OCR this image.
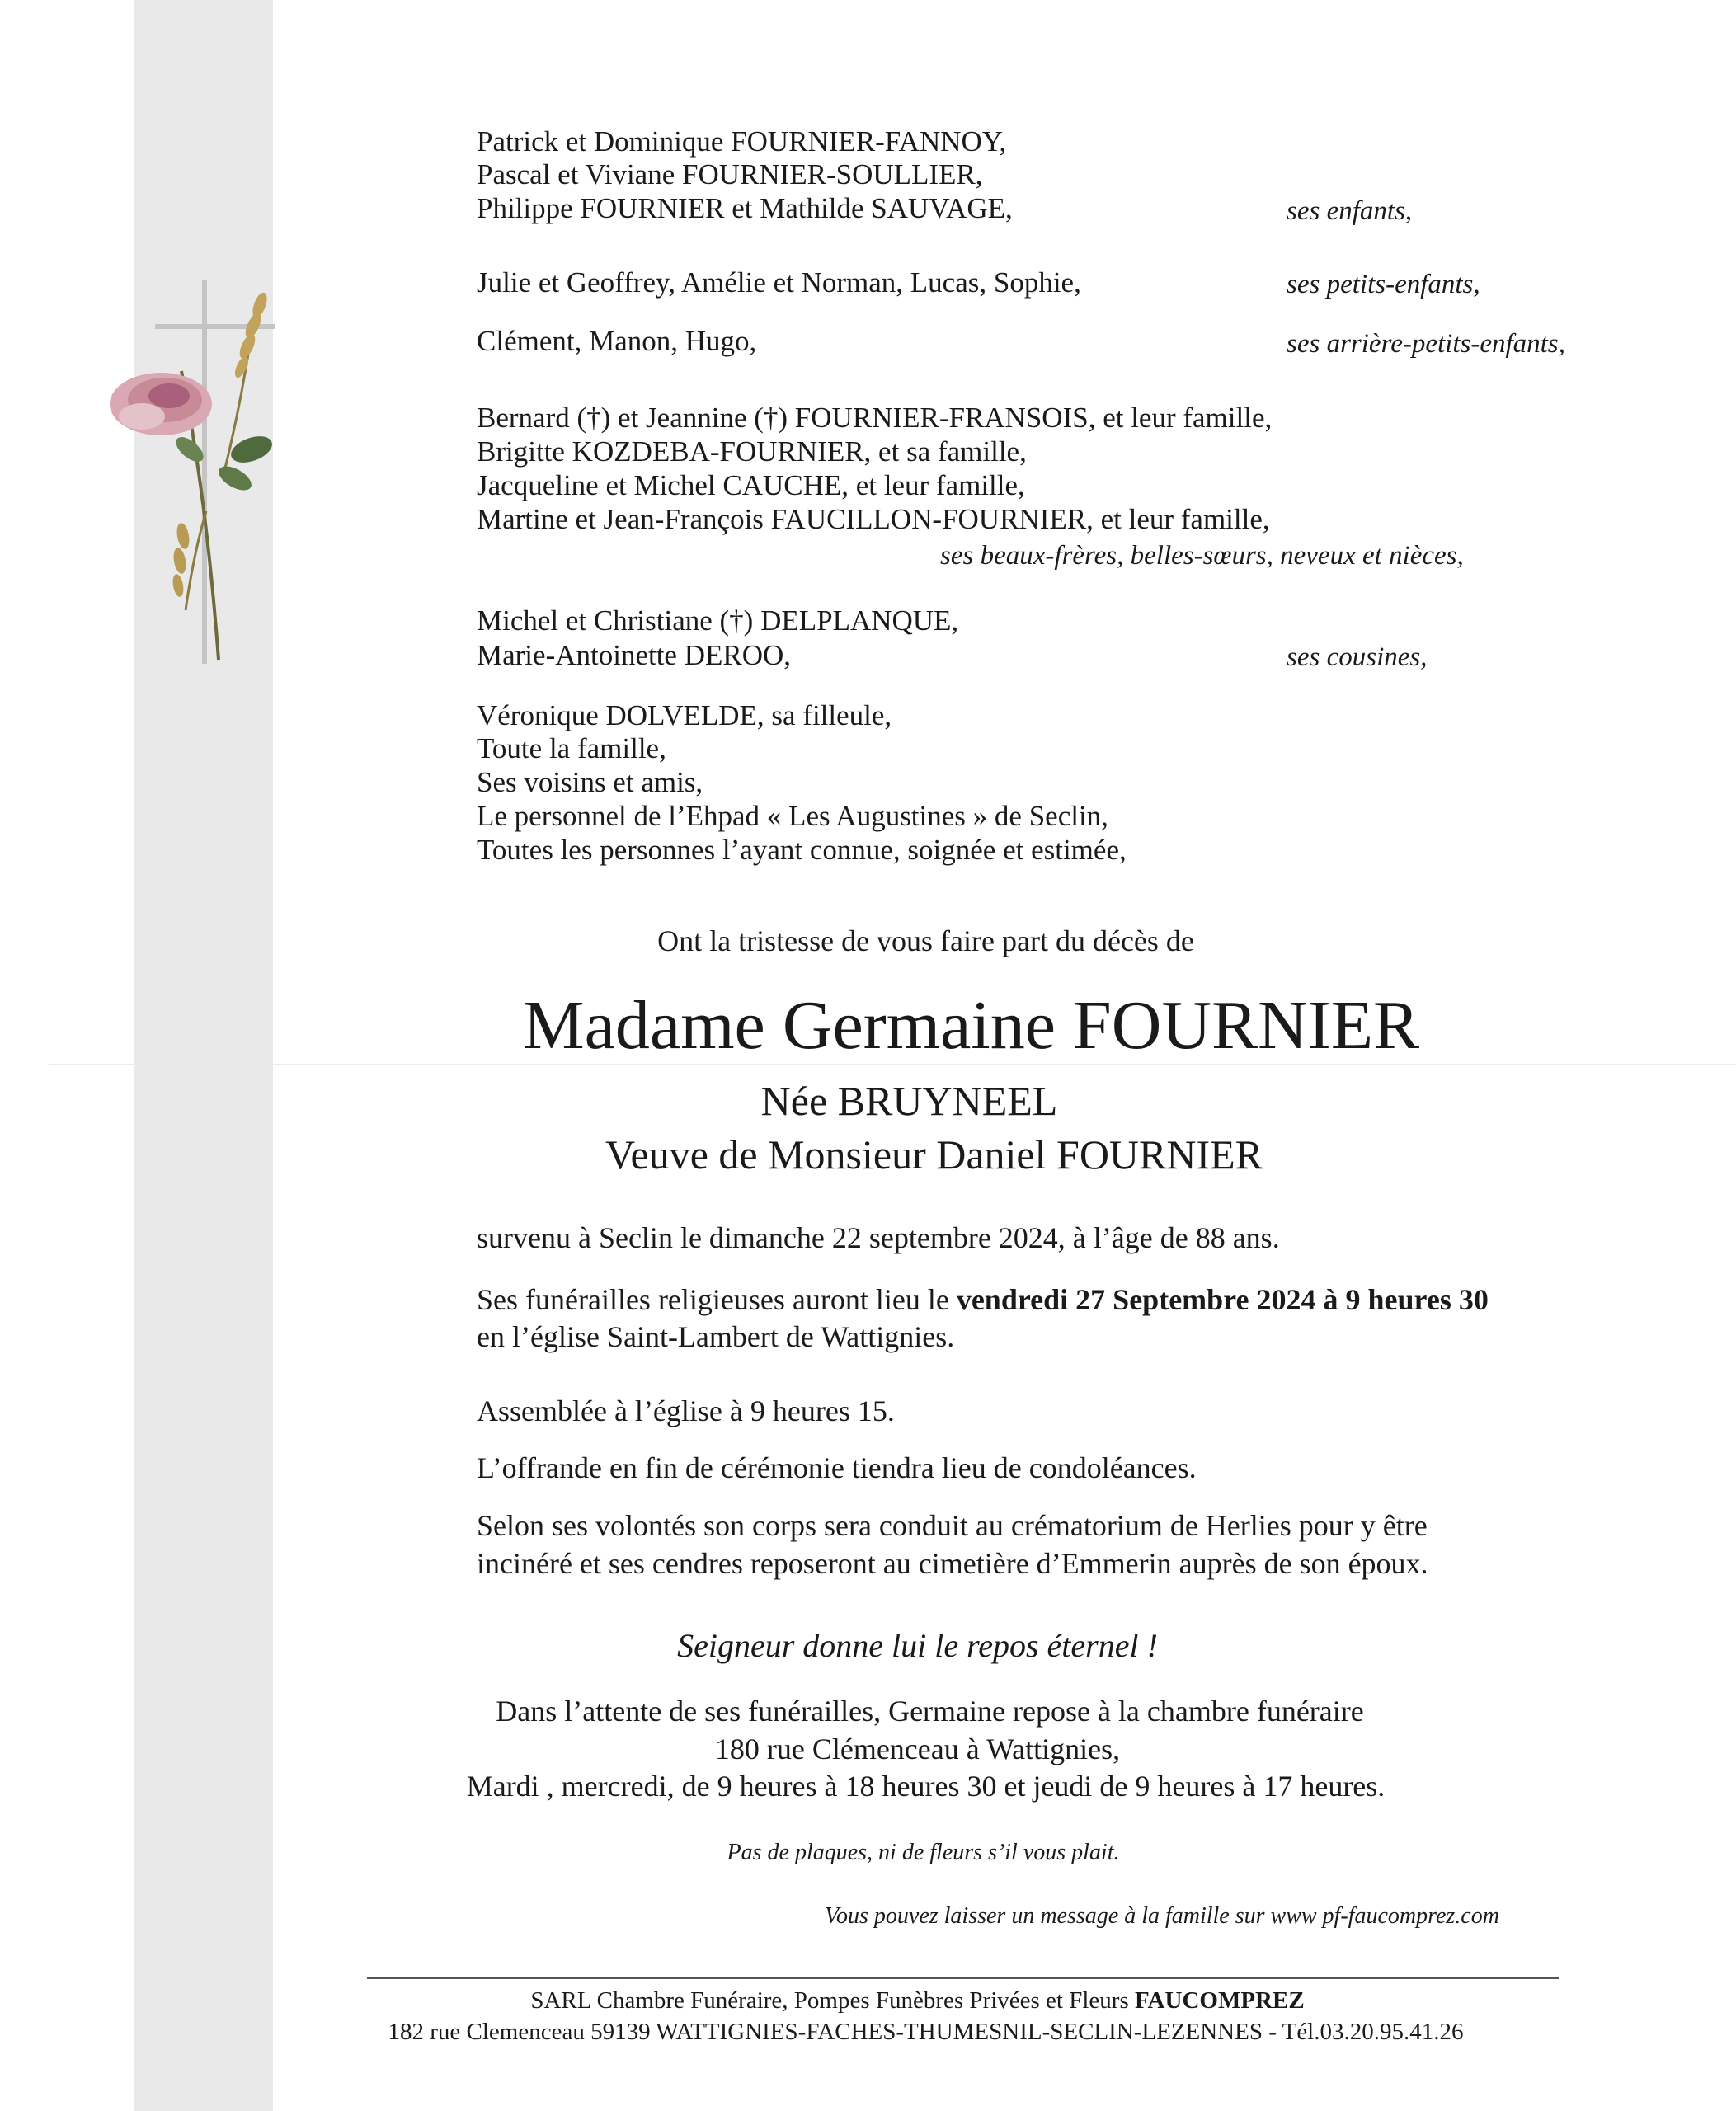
Patrick et Dominique FOURNIER-FANNOY,
Pascal et Viviane FOURNIER-SOULLIER,
Philippe FOURNIER et Mathilde SAUVAGE,	ses enfants,
Julie et Geoffrey, Amélie et Norman, Lucas, Sophie,	ses petits-enfants,
Clément, Manon, Hugo,	ses arrière-petits-enfants,
Bernard (†) et Jeannine (†) FOURNIER-FRANSOIS, et leur famille,
Brigitte KOZDEBA-FOURNIER, et sa famille,
Jacqueline et Michel CAUCHE, et leur famille,
Martine et Jean-François FAUCILLON-FOURNIER, et leur famille,
ses beaux-frères, belles-sœurs, neveux et nièces,
Michel et Christiane (†) DELPLANQUE,
Marie-Antoinette DEROO,	ses cousines,
Véronique DOLVELDE, sa filleule,
Toute la famille,
Ses voisins et amis,
Le personnel de l’Ehpad « Les Augustines » de Seclin,
Toutes les personnes l’ayant connue, soignée et estimée,
Ont la tristesse de vous faire part du décès de
Madame Germaine FOURNIER
Née BRUYNEEL
Veuve de Monsieur Daniel FOURNIER
survenu à Seclin le dimanche 22 septembre 2024, à l’âge de 88 ans.
Ses funérailles religieuses auront lieu le vendredi 27 Septembre 2024 à 9 heures 30
en l’église Saint-Lambert de Wattignies.
Assemblée à l’église à 9 heures 15.
L’offrande en fin de cérémonie tiendra lieu de condoléances.
Selon ses volontés son corps sera conduit au crématorium de Herlies pour y être
incinéré et ses cendres reposeront au cimetière d’Emmerin auprès de son époux.
Seigneur donne lui le repos éternel !
Dans l’attente de ses funérailles, Germaine repose à la chambre funéraire
180 rue Clémenceau à Wattignies,
Mardi , mercredi, de 9 heures à 18 heures 30 et jeudi de 9 heures à 17 heures.
Pas de plaques, ni de fleurs s’il vous plait.
Vous pouvez laisser un message à la famille sur www pf-faucomprez.com
SARL Chambre Funéraire, Pompes Funèbres Privées et Fleurs FAUCOMPREZ
182 rue Clemenceau 59139 WATTIGNIES-FACHES-THUMESNIL-SECLIN-LEZENNES - Tél.03.20.95.41.26
